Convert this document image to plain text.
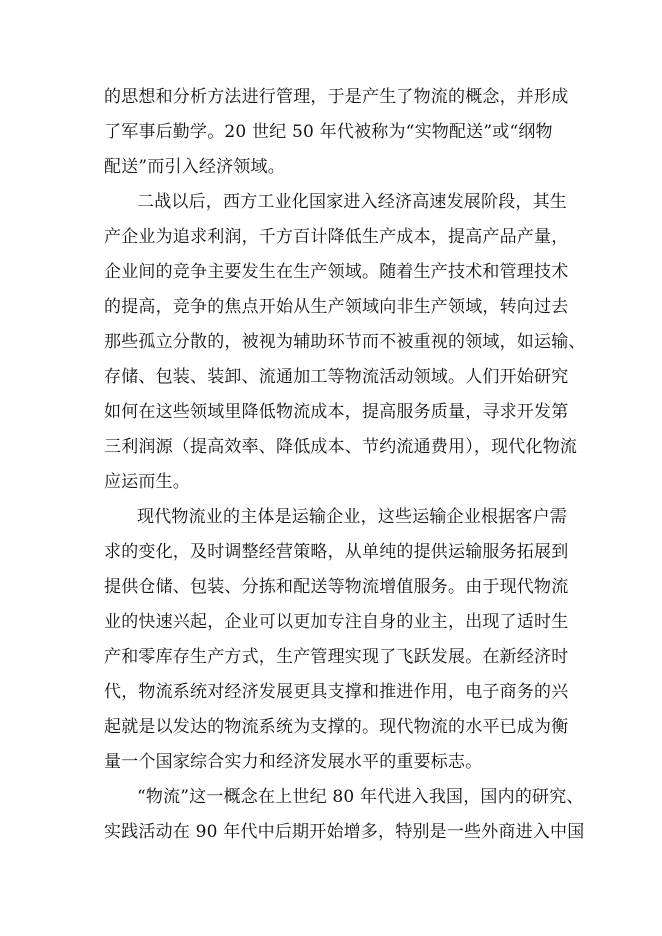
的思想和分析方法进行管理，于是产生了物流的概念，并形成
了军事后勤学。20 世纪 50 年代被称为“实物配送”或“纲物
配送”而引入经济领域。
二战以后，西方工业化国家进入经济高速发展阶段，其生
产企业为追求利润，千方百计降低生产成本，提高产品产量，
企业间的竞争主要发生在生产领域。随着生产技术和管理技术
的提高，竞争的焦点开始从生产领域向非生产领域，转向过去
那些孤立分散的，被视为辅助环节而不被重视的领域，如运输、
存储、包装、装卸、流通加工等物流活动领域。人们开始研究
如何在这些领域里降低物流成本，提高服务质量，寻求开发第
三利润源（提高效率、降低成本、节约流通费用），现代化物流
应运而生。
现代物流业的主体是运输企业，这些运输企业根据客户需
求的变化，及时调整经营策略，从单纯的提供运输服务拓展到
提供仓储、包装、分拣和配送等物流增值服务。由于现代物流
业的快速兴起，企业可以更加专注自身的业主，出现了适时生
产和零库存生产方式，生产管理实现了飞跃发展。在新经济时
代，物流系统对经济发展更具支撑和推进作用，电子商务的兴
起就是以发达的物流系统为支撑的。现代物流的水平已成为衡
量一个国家综合实力和经济发展水平的重要标志。
“物流”这一概念在上世纪 80 年代进入我国，国内的研究、
实践活动在 90 年代中后期开始增多，特别是一些外商进入中国
